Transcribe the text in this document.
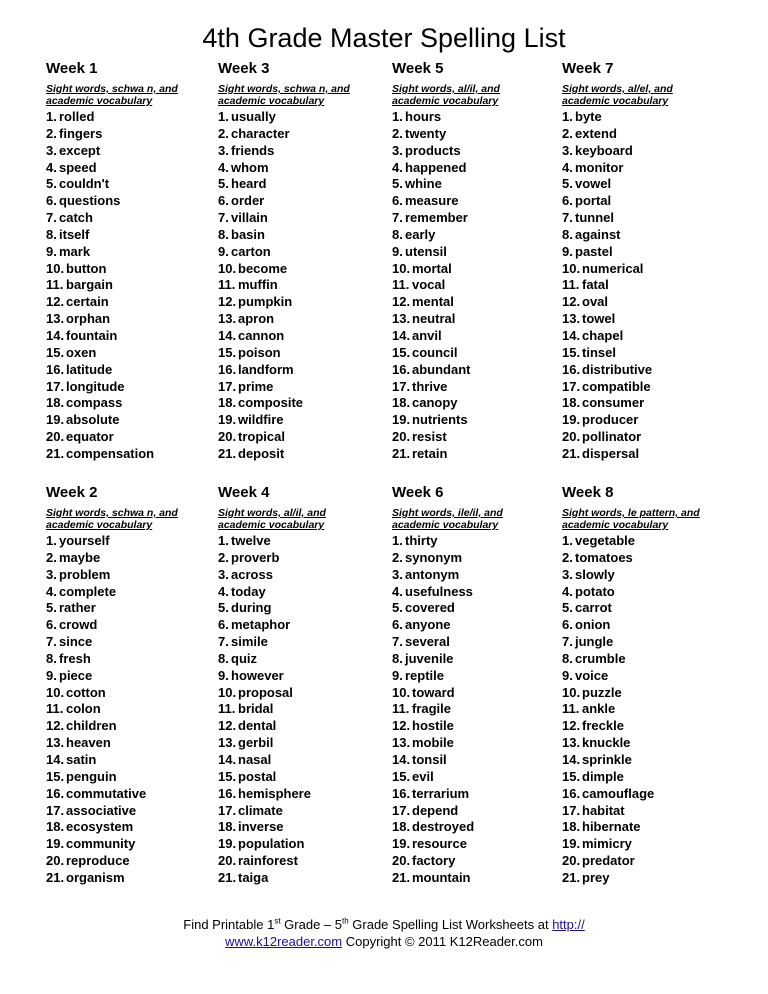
4th Grade Master Spelling List
Week 1
Sight words, schwa n, and
academic vocabulary
1. rolled
2. fingers
3. except
4. speed
5. couldn't
6. questions
7. catch
8. itself
9. mark
10. button
11. bargain
12. certain
13. orphan
14. fountain
15. oxen
16. latitude
17. longitude
18. compass
19. absolute
20. equator
21. compensation
Week 3
Sight words, schwa n, and
academic vocabulary
1. usually
2. character
3. friends
4. whom
5. heard
6. order
7. villain
8. basin
9. carton
10. become
11. muffin
12. pumpkin
13. apron
14. cannon
15. poison
16. landform
17. prime
18. composite
19. wildfire
20. tropical
21. deposit
Week 5
Sight words, al/il, and
academic vocabulary
1. hours
2. twenty
3. products
4. happened
5. whine
6. measure
7. remember
8. early
9. utensil
10. mortal
11. vocal
12. mental
13. neutral
14. anvil
15. council
16. abundant
17. thrive
18. canopy
19. nutrients
20. resist
21. retain
Week 7
Sight words, al/el, and
academic vocabulary
1. byte
2. extend
3. keyboard
4. monitor
5. vowel
6. portal
7. tunnel
8. against
9. pastel
10. numerical
11. fatal
12. oval
13. towel
14. chapel
15. tinsel
16. distributive
17. compatible
18. consumer
19. producer
20. pollinator
21. dispersal
Week 2
Sight words, schwa n, and
academic vocabulary
1. yourself
2. maybe
3. problem
4. complete
5. rather
6. crowd
7. since
8. fresh
9. piece
10. cotton
11. colon
12. children
13. heaven
14. satin
15. penguin
16. commutative
17. associative
18. ecosystem
19. community
20. reproduce
21. organism
Week 4
Sight words, al/il, and
academic vocabulary
1. twelve
2. proverb
3. across
4. today
5. during
6. metaphor
7. simile
8. quiz
9. however
10. proposal
11. bridal
12. dental
13. gerbil
14. nasal
15. postal
16. hemisphere
17. climate
18. inverse
19. population
20. rainforest
21. taiga
Week 6
Sight words, ile/il, and
academic vocabulary
1. thirty
2. synonym
3. antonym
4. usefulness
5. covered
6. anyone
7. several
8. juvenile
9. reptile
10. toward
11. fragile
12. hostile
13. mobile
14. tonsil
15. evil
16. terrarium
17. depend
18. destroyed
19. resource
20. factory
21. mountain
Week 8
Sight words, le pattern, and
academic vocabulary
1. vegetable
2. tomatoes
3. slowly
4. potato
5. carrot
6. onion
7. jungle
8. crumble
9. voice
10. puzzle
11. ankle
12. freckle
13. knuckle
14. sprinkle
15. dimple
16. camouflage
17. habitat
18. hibernate
19. mimicry
20. predator
21. prey
Find Printable 1st Grade – 5th Grade Spelling List Worksheets at http://
www.k12reader.com Copyright © 2011 K12Reader.com
